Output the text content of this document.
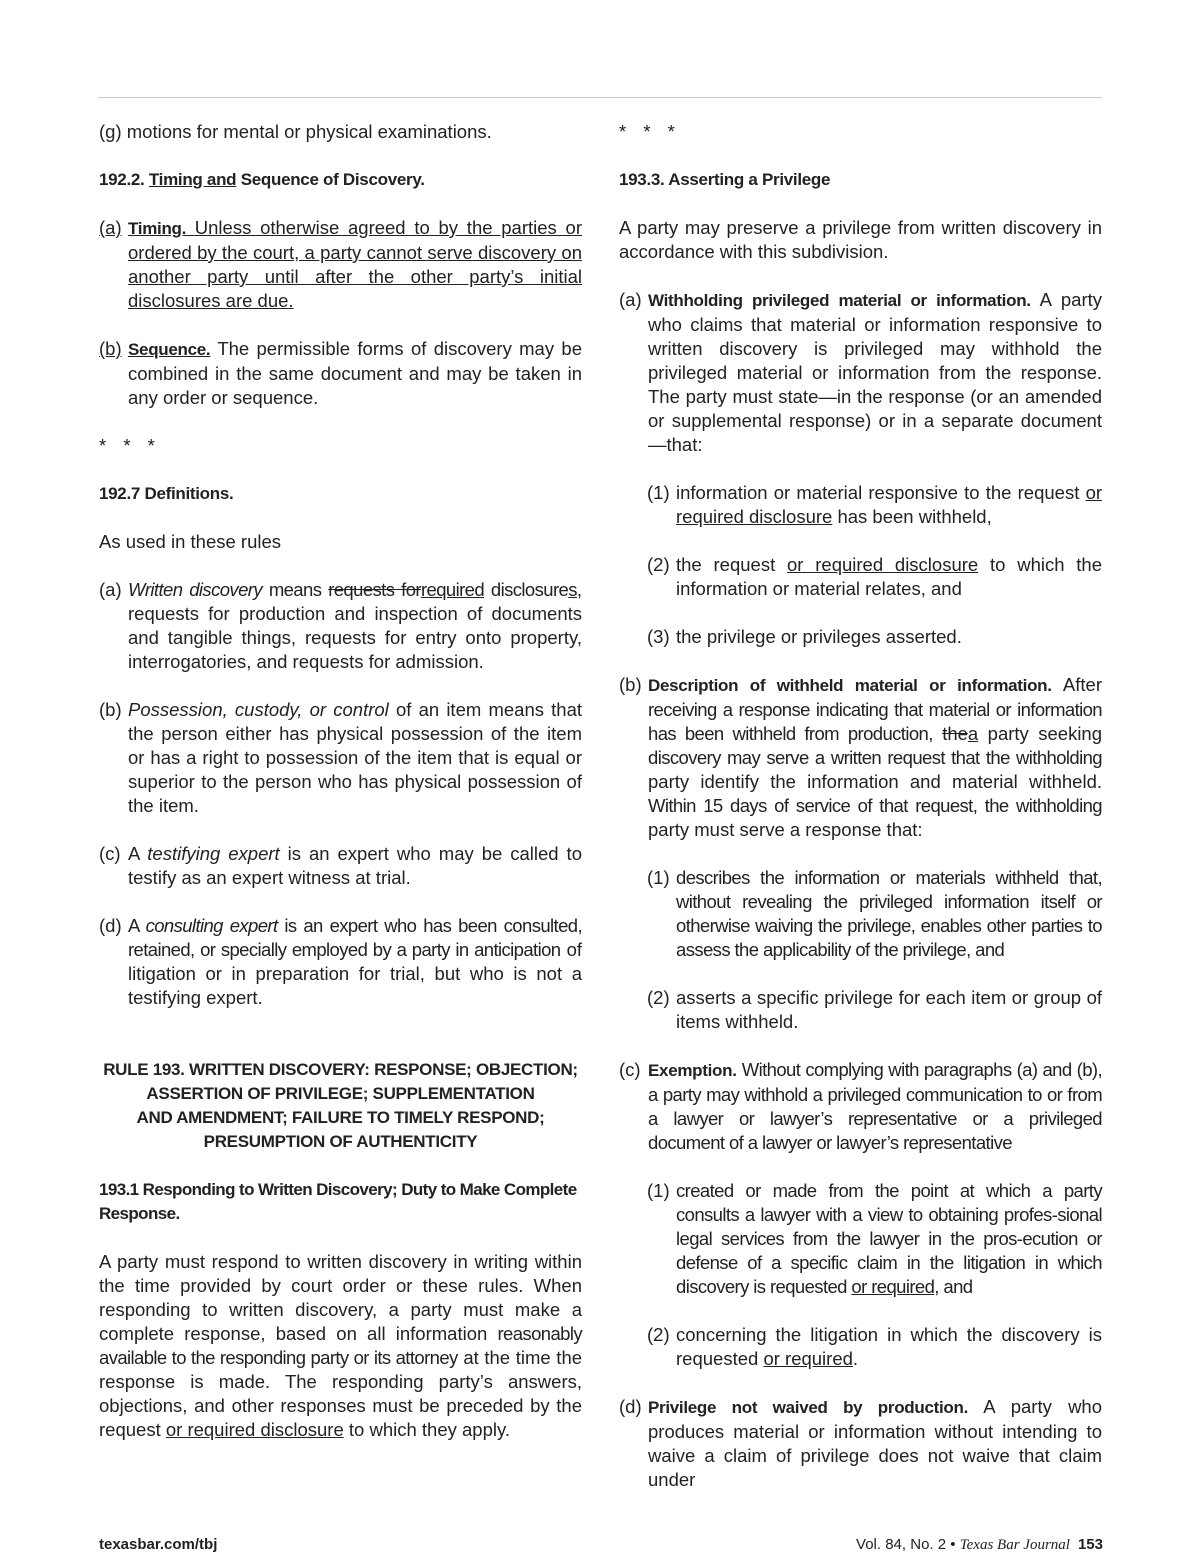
(g) motions for mental or physical examinations.

192.2. Timing and Sequence of Discovery.

(a) Timing. Unless otherwise agreed to by the parties or ordered by the court, a party cannot serve discovery on another party until after the other party’s initial disclosures are due.
(b) Sequence. The permissible forms of discovery may be combined in the same document and may be taken in any order or sequence.

* * *

192.7 Definitions.

As used in these rules

(a) Written discovery means requests forrequired disclosures, requests for production and inspection of documents and tangible things, requests for entry onto property, interrogatories, and requests for admission.
(b) Possession, custody, or control of an item means that the person either has physical possession of the item or has a right to possession of the item that is equal or superior to the person who has physical possession of the item.
(c) A testifying expert is an expert who may be called to testify as an expert witness at trial.
(d) A consulting expert is an expert who has been consulted, retained, or specially employed by a party in anticipation of litigation or in preparation for trial, but who is not a testifying expert.

RULE 193. WRITTEN DISCOVERY: RESPONSE; OBJECTION;

ASSERTION OF PRIVILEGE; SUPPLEMENTATION

AND AMENDMENT; FAILURE TO TIMELY RESPOND;

PRESUMPTION OF AUTHENTICITY

193.1 Responding to Written Discovery; Duty to Make Complete Response.

A party must respond to written discovery in writing within the time provided by court order or these rules. When responding to written discovery, a party must make a complete response, based on all information reasonably available to the responding party or its attorney at the time the response is made. The responding party’s answers, objections, and other responses must be preceded by the request or required disclosure to which they apply.

* * *

193.3. Asserting a Privilege

A party may preserve a privilege from written discovery in accordance with this subdivision.

(a) Withholding privileged material or information. A party who claims that material or information responsive to written discovery is privileged may withhold the privileged material or information from the response. The party must state—in the response (or an amended or supplemental response) or in a separate document—that:
(1) information or material responsive to the request or required disclosure has been withheld,
(2) the request or required disclosure to which the information or material relates, and
(3) the privilege or privileges asserted.
(b) Description of withheld material or information. After receiving a response indicating that material or information has been withheld from production, thea party seeking discovery may serve a written request that the withholding party identify the information and material withheld. Within 15 days of service of that request, the withholding party must serve a response that:
(1) describes the information or materials withheld that, without revealing the privileged information itself or otherwise waiving the privilege, enables other parties to assess the applicability of the privilege, and
(2) asserts a specific privilege for each item or group of items withheld.
(c) Exemption. Without complying with paragraphs (a) and (b), a party may withhold a privileged communication to or from a lawyer or lawyer’s representative or a privileged document of a lawyer or lawyer’s representative
(1) created or made from the point at which a party consults a lawyer with a view to obtaining profes-sional legal services from the lawyer in the pros-ecution or defense of a specific claim in the litigation in which discovery is requested or required, and
(2) concerning the litigation in which the discovery is requested or required.
(d) Privilege not waived by production. A party who produces material or information without intending to waive a claim of privilege does not waive that claim under
texasbar.com/tbj	Vol. 84, No. 2 • Texas Bar Journal 153
